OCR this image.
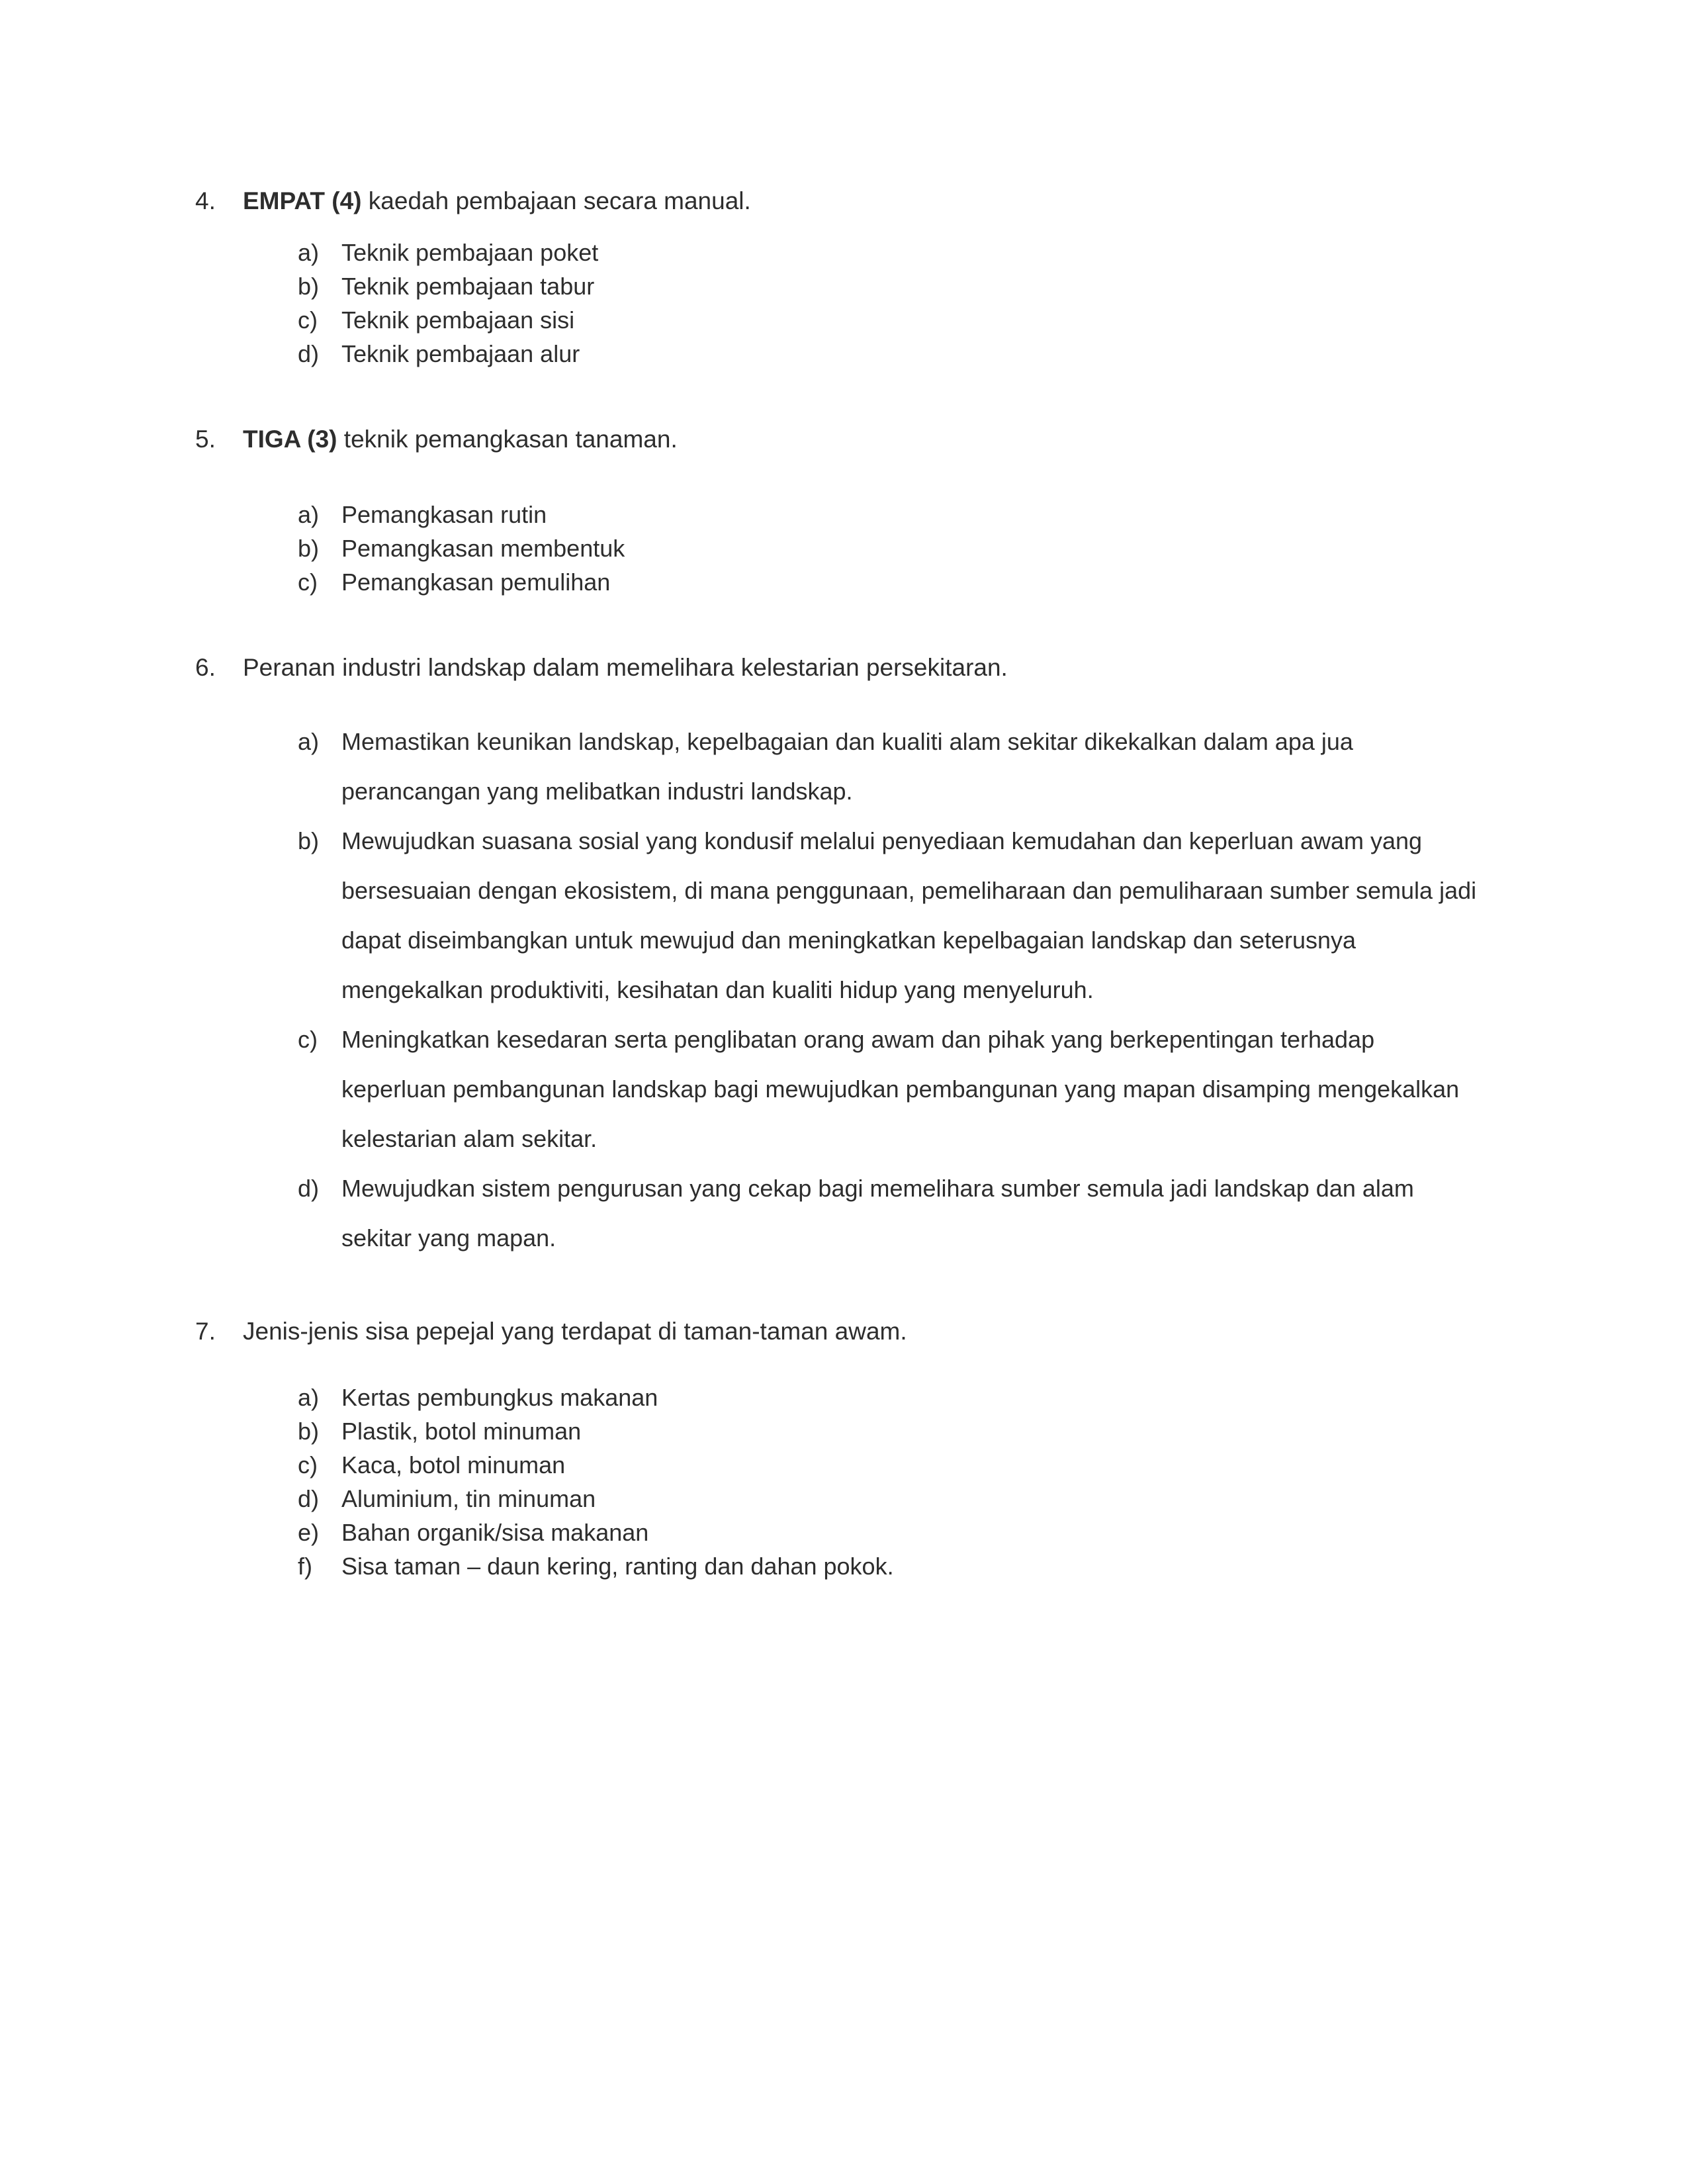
4.	EMPAT (4) kaedah pembajaan secara manual.
a) Teknik pembajaan poket
b) Teknik pembajaan tabur
c)	Teknik pembajaan sisi
d) Teknik pembajaan alur
5.	TIGA (3) teknik pemangkasan tanaman.
a) Pemangkasan rutin
b) Pemangkasan membentuk
c)	Pemangkasan pemulihan
6.	Peranan industri landskap dalam memelihara kelestarian persekitaran.
a) Memastikan keunikan landskap, kepelbagaian dan kualiti alam sekitar dikekalkan dalam apa jua perancangan yang melibatkan industri landskap.
b) Mewujudkan suasana sosial yang kondusif melalui penyediaan kemudahan dan keperluan awam yang bersesuaian dengan ekosistem, di mana penggunaan, pemeliharaan dan pemuliharaan sumber semula jadi dapat diseimbangkan untuk mewujud dan meningkatkan kepelbagaian landskap dan seterusnya mengekalkan produktiviti, kesihatan dan kualiti hidup yang menyeluruh.
c)	Meningkatkan kesedaran serta penglibatan orang awam dan pihak yang berkepentingan terhadap keperluan pembangunan landskap bagi mewujudkan pembangunan yang mapan disamping mengekalkan kelestarian alam sekitar.
d) Mewujudkan sistem pengurusan yang cekap bagi memelihara sumber semula jadi landskap dan alam sekitar yang mapan.
7.	Jenis-jenis sisa pepejal yang terdapat di taman-taman awam.
a) Kertas pembungkus makanan
b) Plastik, botol minuman
c)	Kaca, botol minuman
d) Aluminium, tin minuman
e) Bahan organik/sisa makanan
f)	Sisa taman – daun kering, ranting dan dahan pokok.
